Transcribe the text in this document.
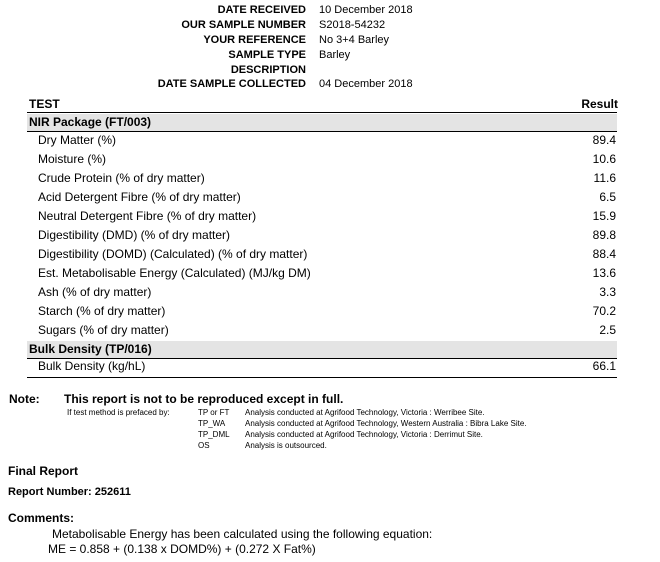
DATE RECEIVED 10 December 2018
OUR SAMPLE NUMBER S2018-54232
YOUR REFERENCE No 3+4 Barley
SAMPLE TYPE Barley
DESCRIPTION
DATE SAMPLE COLLECTED 04 December 2018
TEST	Result
NIR Package (FT/003)
Dry Matter (%)	89.4
Moisture (%)	10.6
Crude Protein (% of dry matter)	11.6
Acid Detergent Fibre (% of dry matter)	6.5
Neutral Detergent Fibre (% of dry matter)	15.9
Digestibility (DMD) (% of dry matter)	89.8
Digestibility (DOMD) (Calculated) (% of dry matter)	88.4
Est. Metabolisable Energy (Calculated) (MJ/kg DM)	13.6
Ash (% of dry matter)	3.3
Starch (% of dry matter)	70.2
Sugars (% of dry matter)	2.5
Bulk Density (TP/016)
Bulk Density (kg/hL)	66.1
Note: This report is not to be reproduced except in full.
If test method is prefaced by:	TP or FT Analysis conducted at Agrifood Technology, Victoria : Werribee Site.
TP_WA Analysis conducted at Agrifood Technology, Western Australia : Bibra Lake Site.
TP_DML Analysis conducted at Agrifood Technology, Victoria : Derrimut Site.
OS	Analysis is outsourced.
Final Report
Report Number: 252611
Comments:
Metabolisable Energy has been calculated using the following equation:
ME = 0.858 + (0.138 x DOMD%) + (0.272 X Fat%)
